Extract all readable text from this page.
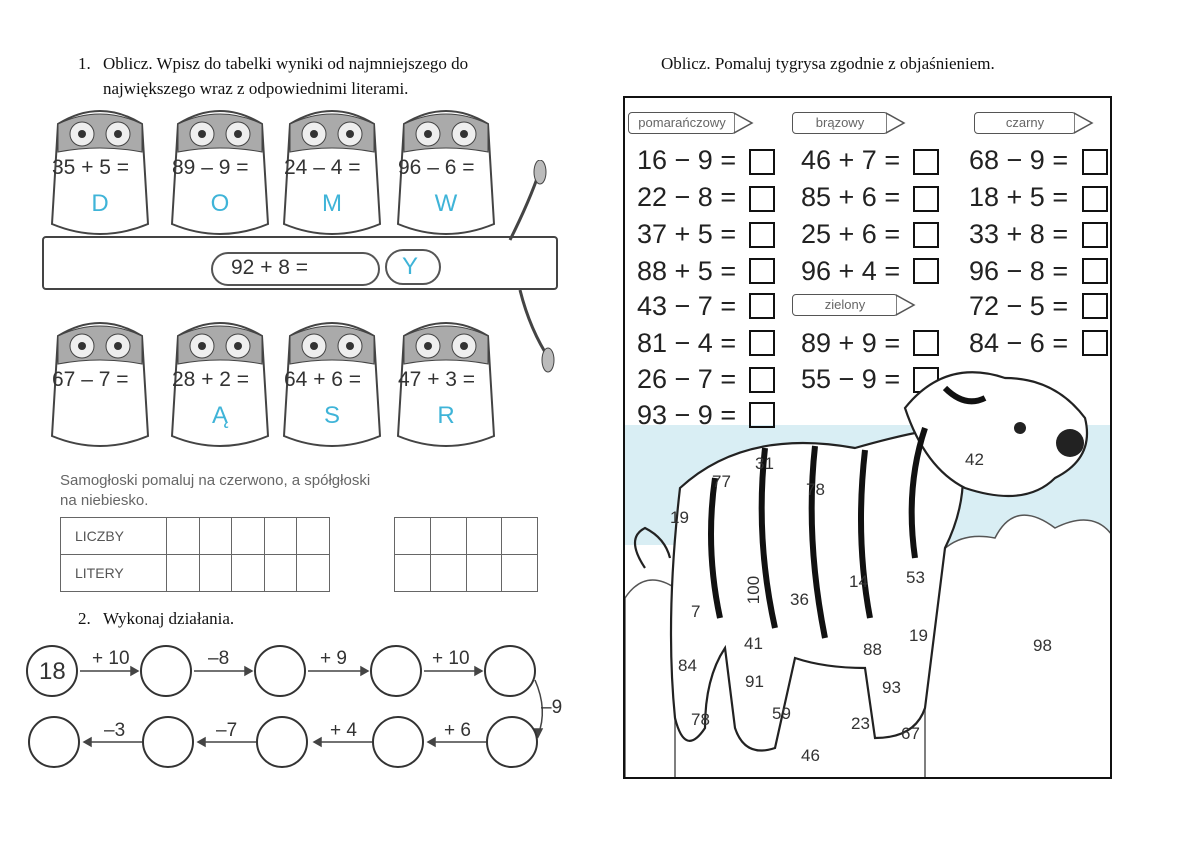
1. Oblicz. Wpisz do tabelki wyniki od najmniejszego do
największego wraz z odpowiednimi literami.
92 + 8 =	Y
35 + 5 =
D
89 – 9 =
O
24 – 4 =
M
96 – 6 =
W
67 – 7 =	28 + 2 =
Ą
64 + 6 =
S
47 + 3 =
R
Samogłoski pomaluj na czerwono, a spółgłoski
na niebiesko.
LICZBY					
LITERY					

2. Wykonaj działania.
18 + 10	–8	+ 9	+ 10
–9
–3	–7	+ 4	+ 6
Oblicz. Pomaluj tygrysa zgodnie z objaśnieniem.
pomarańczowy	brązowy	czarny
zielony
16 − 9 =
22 − 8 =
37 + 5 =
88 + 5 =
43 − 7 =
81 − 4 =
26 − 7 =
93 − 9 =
46 + 7 =
85 + 6 =
25 + 6 =
96 + 4 =
89 + 9 =
55 − 9 =
68 − 9 =
18 + 5 =
33 + 8 =
96 − 8 =
72 − 5 =
84 − 6 =
31
77	78
42
19
100 36
14 53
7
41	88
19
84
91	93
98
78	59
23
67
46
